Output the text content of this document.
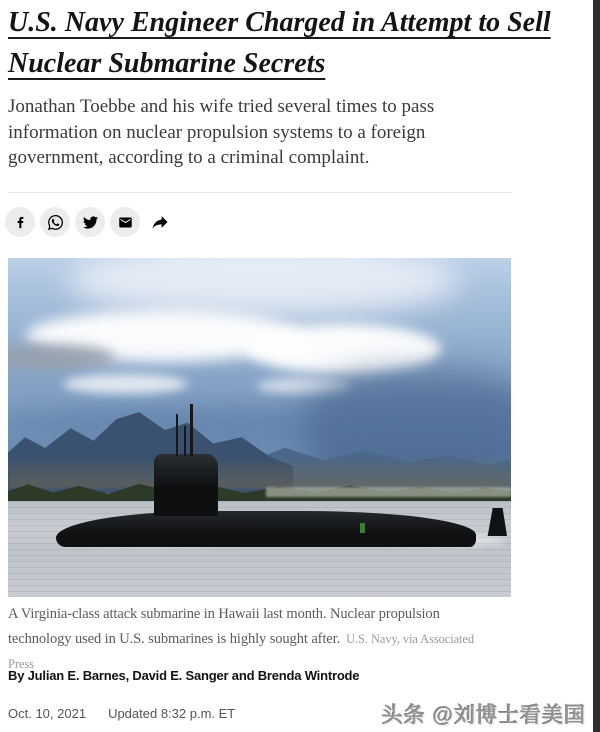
U.S. Navy Engineer Charged in Attempt to Sell Nuclear Submarine Secrets

Jonathan Toebbe and his wife tried several times to pass information on nuclear propulsion systems to a foreign government, according to a criminal complaint.

A Virginia-class attack submarine in Hawaii last month. Nuclear propulsion technology used in U.S. submarines is highly sought after. U.S. Navy, via Associated Press

By Julian E. Barnes, David E. Sanger and Brenda Wintrode

Oct. 10, 2021 Updated 8:32 p.m. ET	头条 @刘博士看美国
